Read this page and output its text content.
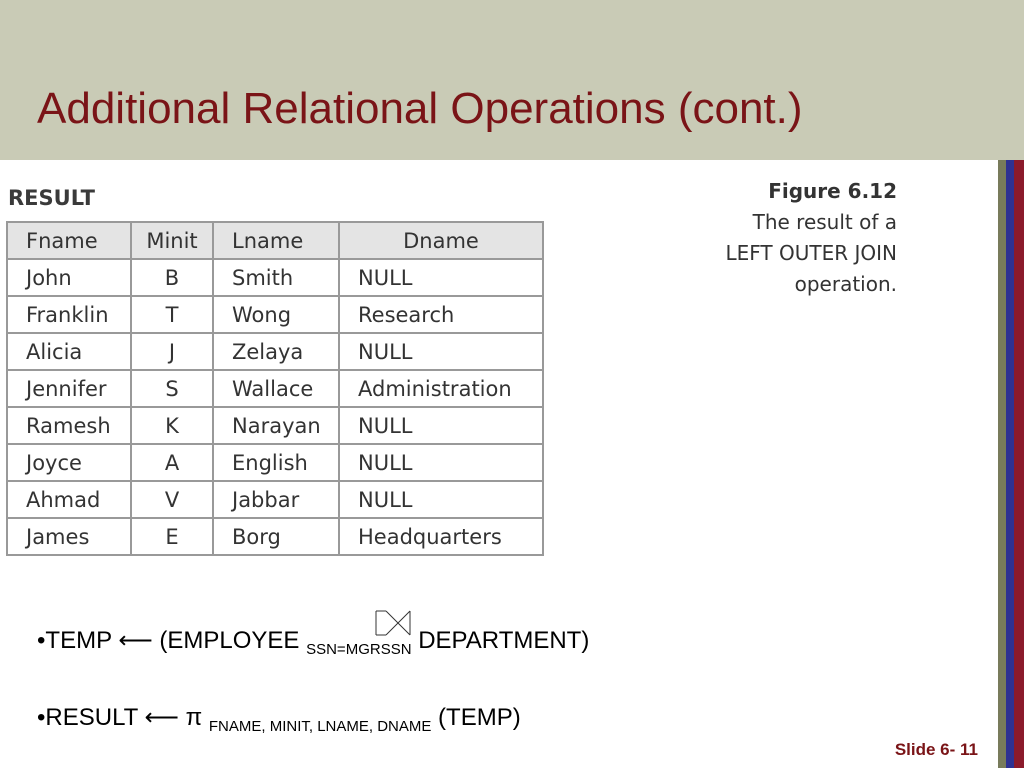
Additional Relational Operations (cont.)
RESULT
Fname	Minit	Lname	Dname
John	B	Smith	NULL
Franklin	T	Wong	Research
Alicia	J	Zelaya	NULL
Jennifer	S	Wallace	Administration
Ramesh	K	Narayan	NULL
Joyce	A	English	NULL
Ahmad	V	Jabbar	NULL
James	E	Borg	Headquarters
Figure 6.12
The result of a
LEFT OUTER JOIN
operation.
•TEMP ⟵ (EMPLOYEE $_{SSN=MGRSSN}$ DEPARTMENT)
•RESULT ⟵ π $_{FNAME, MINIT, LNAME, DNAME}$ (TEMP)
Slide 6- 11
